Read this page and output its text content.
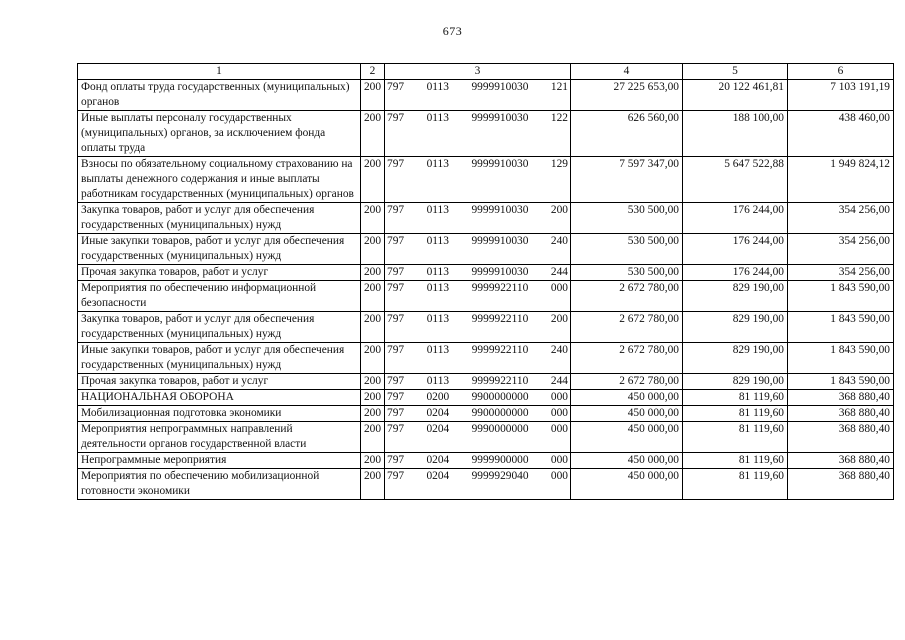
673
1	2	3	4	5	6
Фонд оплаты труда государственных (муниципальных) органов	200	797 0113 9999910030 121	27 225 653,00	20 122 461,81	7 103 191,19
Иные выплаты персоналу государственных (муниципальных) органов, за исключением фонда оплаты труда	200	797 0113 9999910030 122	626 560,00	188 100,00	438 460,00
Взносы по обязательному социальному страхованию на выплаты денежного содержания и иные выплаты работникам государственных (муниципальных) органов	200	797 0113 9999910030 129	7 597 347,00	5 647 522,88	1 949 824,12
Закупка товаров, работ и услуг для обеспечения государственных (муниципальных) нужд	200	797 0113 9999910030 200	530 500,00	176 244,00	354 256,00
Иные закупки товаров, работ и услуг для обеспечения государственных (муниципальных) нужд	200	797 0113 9999910030 240	530 500,00	176 244,00	354 256,00
Прочая закупка товаров, работ и услуг	200	797 0113 9999910030 244	530 500,00	176 244,00	354 256,00
Мероприятия по обеспечению информационной безопасности	200	797 0113 9999922110 000	2 672 780,00	829 190,00	1 843 590,00
Закупка товаров, работ и услуг для обеспечения государственных (муниципальных) нужд	200	797 0113 9999922110 200	2 672 780,00	829 190,00	1 843 590,00
Иные закупки товаров, работ и услуг для обеспечения государственных (муниципальных) нужд	200	797 0113 9999922110 240	2 672 780,00	829 190,00	1 843 590,00
Прочая закупка товаров, работ и услуг	200	797 0113 9999922110 244	2 672 780,00	829 190,00	1 843 590,00
НАЦИОНАЛЬНАЯ ОБОРОНА	200	797 0200 9900000000 000	450 000,00	81 119,60	368 880,40
Мобилизационная подготовка экономики	200	797 0204 9900000000 000	450 000,00	81 119,60	368 880,40
Мероприятия непрограммных направлений деятельности органов государственной власти	200	797 0204 9990000000 000	450 000,00	81 119,60	368 880,40
Непрограммные мероприятия	200	797 0204 9999900000 000	450 000,00	81 119,60	368 880,40
Мероприятия по обеспечению мобилизационной готовности экономики	200	797 0204 9999929040 000	450 000,00	81 119,60	368 880,40
